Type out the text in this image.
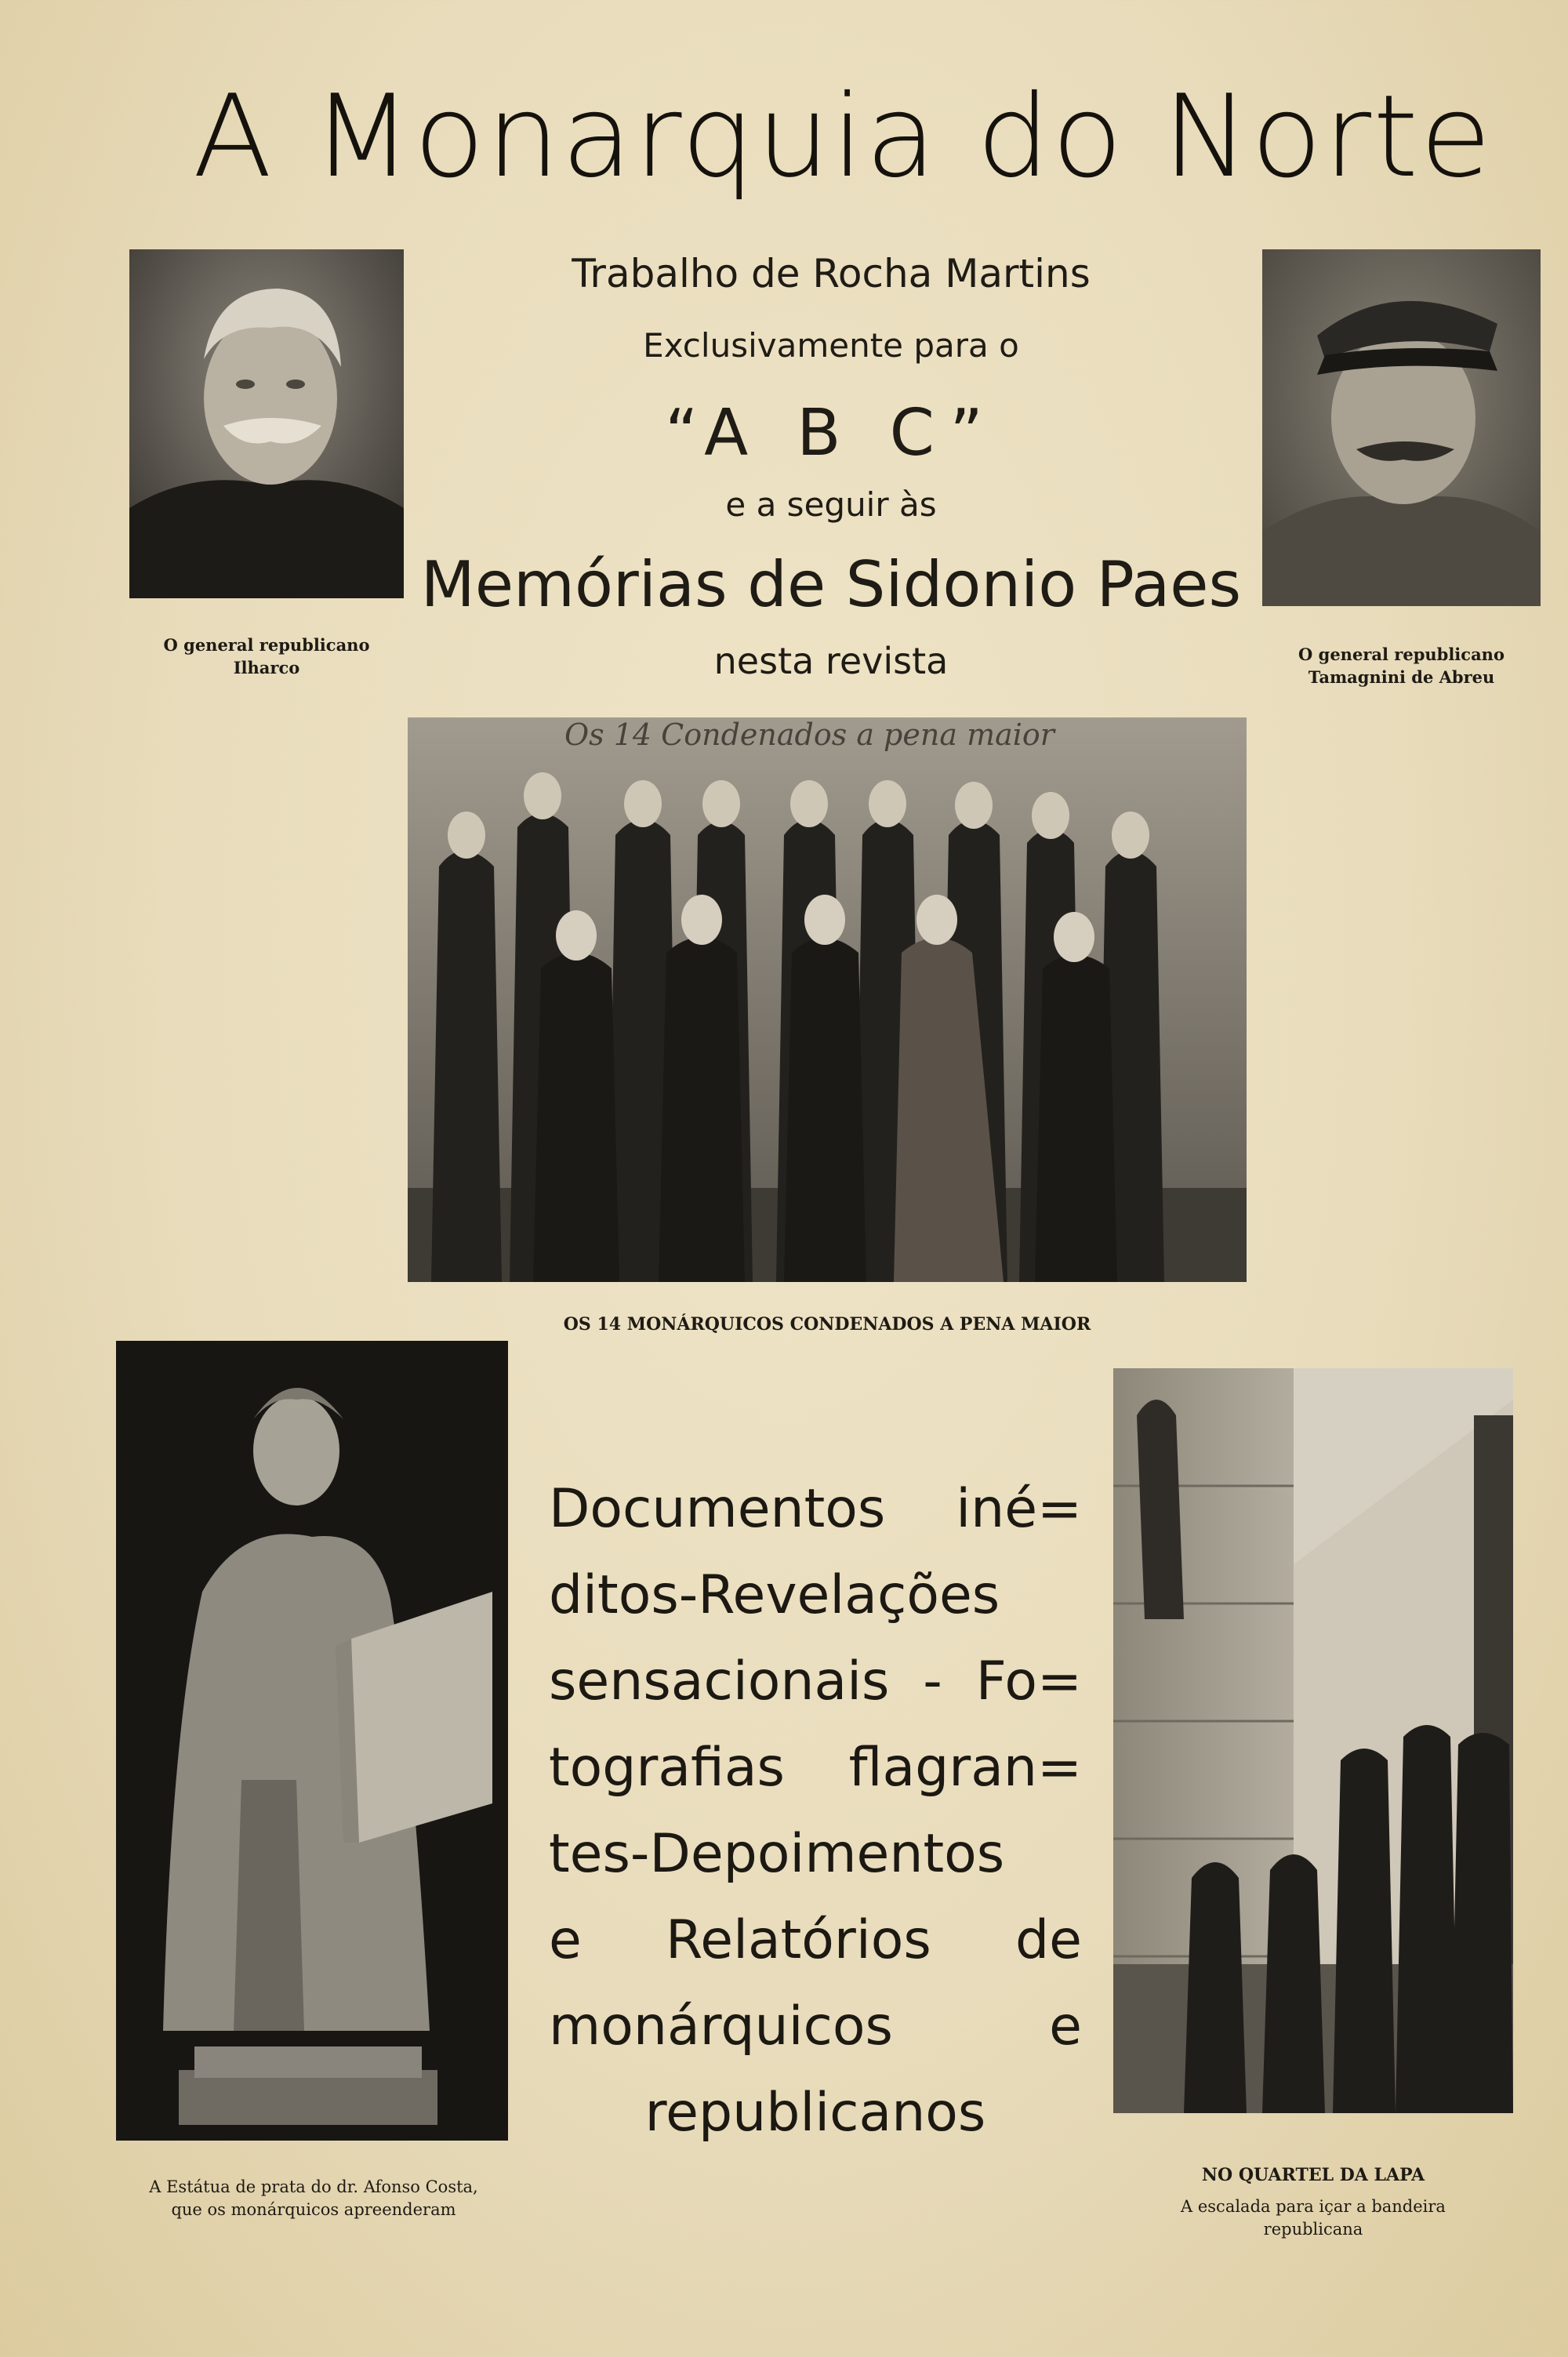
A Monarquia do Norte
Trabalho de Rocha Martins
Exclusivamente para o
“A B C”
e a seguir às
Memórias de Sidonio Paes
nesta revista
O general republicano
Ilharco
O general republicano
Tamagnini de Abreu
Os 14 Condenados a pena maior
OS 14 MONÁRQUICOS CONDENADOS A PENA MAIOR
A Estátua de prata do dr. Afonso Costa,
que os monárquicos apreenderam
Documentos iné=
ditos-Revelações
sensacionais - Fo=
tografias flagran=
tes-Depoimentos
e Relatórios de
monárquicos e
republicanos
NO QUARTEL DA LAPA
A escalada para içar a bandeira
republicana
